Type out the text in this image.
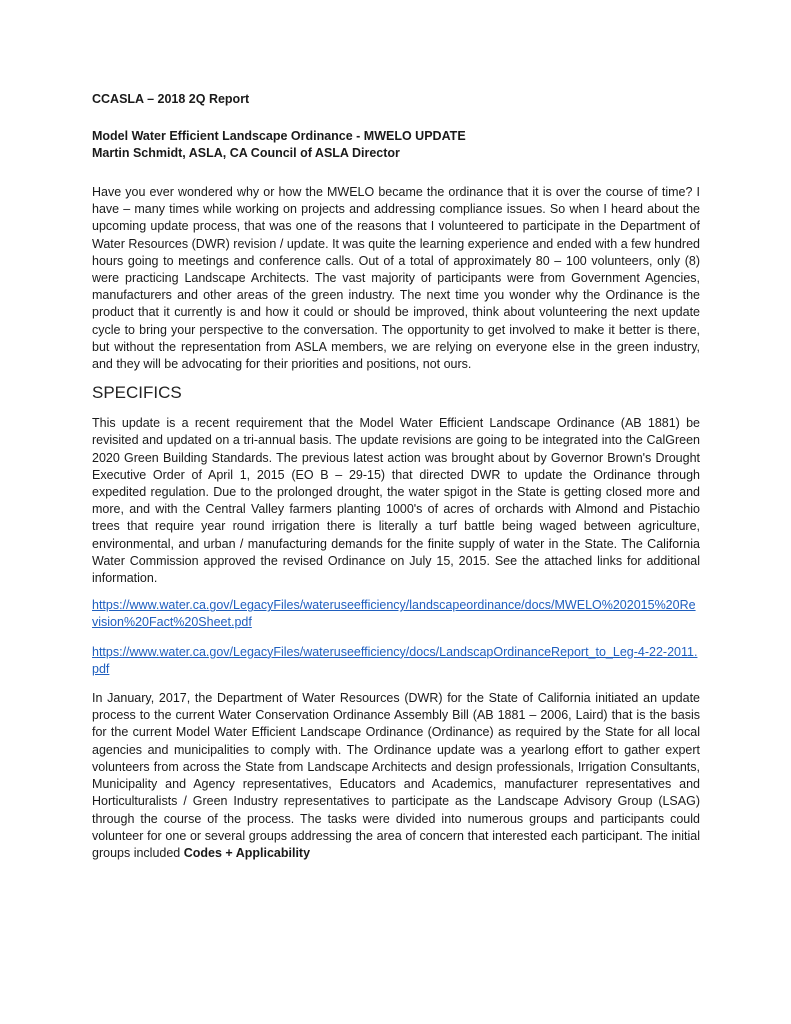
CCASLA – 2018 2Q Report

Model Water Efficient Landscape Ordinance - MWELO UPDATE

Martin Schmidt, ASLA, CA Council of ASLA Director

Have you ever wondered why or how the MWELO became the ordinance that it is over the course of time? I have – many times while working on projects and addressing compliance issues. So when I heard about the upcoming update process, that was one of the reasons that I volunteered to participate in the Department of Water Resources (DWR) revision / update. It was quite the learning experience and ended with a few hundred hours going to meetings and conference calls. Out of a total of approximately 80 – 100 volunteers, only (8) were practicing Landscape Architects. The vast majority of participants were from Government Agencies, manufacturers and other areas of the green industry. The next time you wonder why the Ordinance is the product that it currently is and how it could or should be improved, think about volunteering the next update cycle to bring your perspective to the conversation. The opportunity to get involved to make it better is there, but without the representation from ASLA members, we are relying on everyone else in the green industry, and they will be advocating for their priorities and positions, not ours.

SPECIFICS

This update is a recent requirement that the Model Water Efficient Landscape Ordinance (AB 1881) be revisited and updated on a tri-annual basis. The update revisions are going to be integrated into the CalGreen 2020 Green Building Standards. The previous latest action was brought about by Governor Brown's Drought Executive Order of April 1, 2015 (EO B – 29-15) that directed DWR to update the Ordinance through expedited regulation. Due to the prolonged drought, the water spigot in the State is getting closed more and more, and with the Central Valley farmers planting 1000's of acres of orchards with Almond and Pistachio trees that require year round irrigation there is literally a turf battle being waged between agriculture, environmental, and urban / manufacturing demands for the finite supply of water in the State. The California Water Commission approved the revised Ordinance on July 15, 2015. See the attached links for additional information.

https://www.water.ca.gov/LegacyFiles/wateruseefficiency/landscapeordinance/docs/MWELO%202015%20Revision%20Fact%20Sheet.pdf
https://www.water.ca.gov/LegacyFiles/wateruseefficiency/docs/LandscapOrdinanceReport_to_Leg-4-22-2011.pdf

In January, 2017, the Department of Water Resources (DWR) for the State of California initiated an update process to the current Water Conservation Ordinance Assembly Bill (AB 1881 – 2006, Laird) that is the basis for the current Model Water Efficient Landscape Ordinance (Ordinance) as required by the State for all local agencies and municipalities to comply with. The Ordinance update was a yearlong effort to gather expert volunteers from across the State from Landscape Architects and design professionals, Irrigation Consultants, Municipality and Agency representatives, Educators and Academics, manufacturer representatives and Horticulturalists / Green Industry representatives to participate as the Landscape Advisory Group (LSAG) through the course of the process. The tasks were divided into numerous groups and participants could volunteer for one or several groups addressing the area of concern that interested each participant. The initial groups included Codes + Applicability
